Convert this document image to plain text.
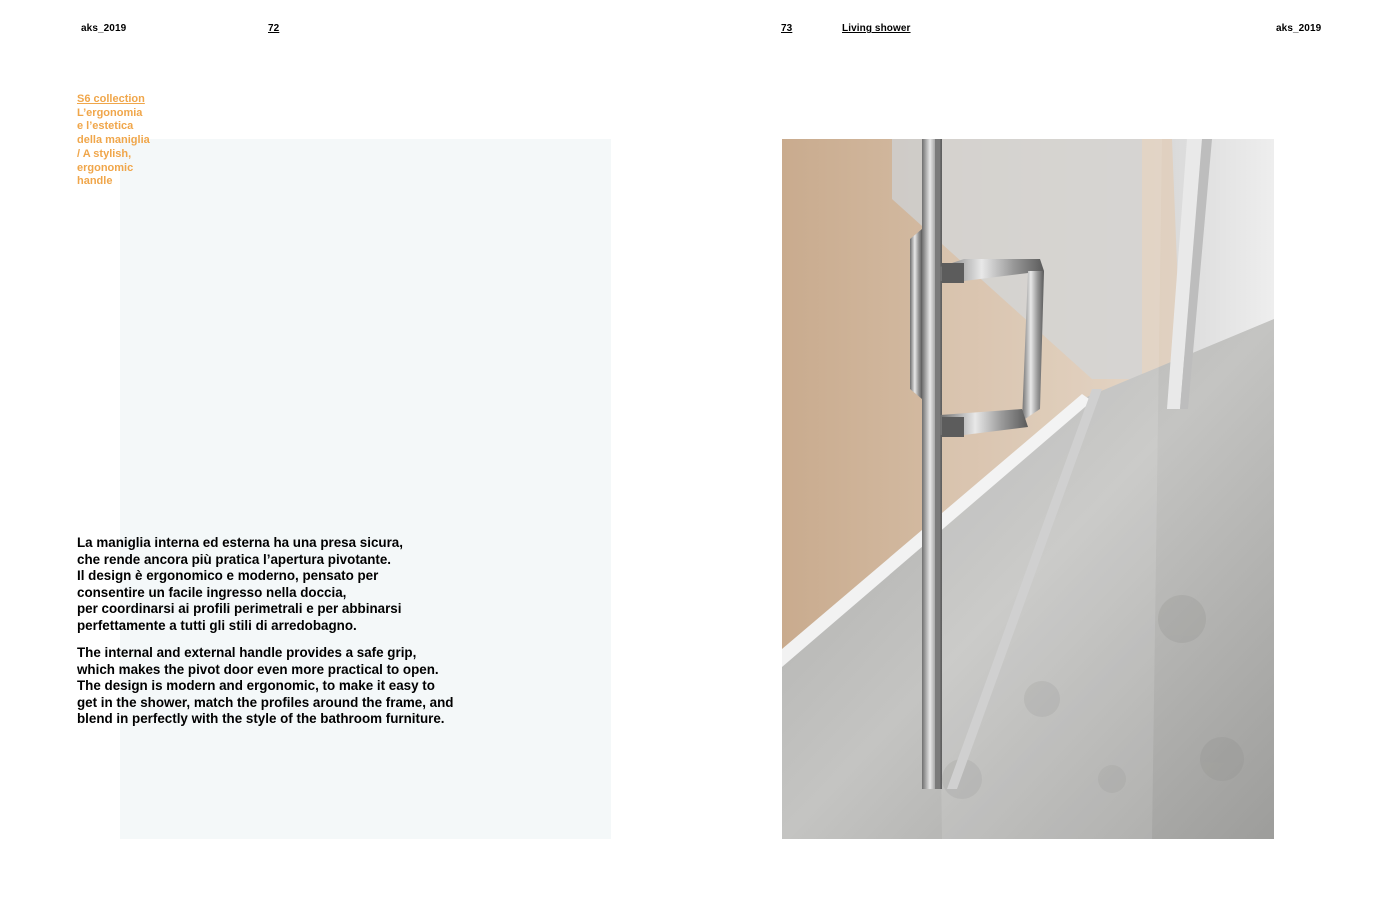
aks_2019	72	73	Living shower	aks_2019
S6 collection
L’ergonomia
e l’estetica
della maniglia
/ A stylish,
ergonomic
handle
La maniglia interna ed esterna ha una presa sicura,
che rende ancora più pratica l’apertura pivotante.
Il design è ergonomico e moderno, pensato per
consentire un facile ingresso nella doccia,
per coordinarsi ai profili perimetrali e per abbinarsi
perfettamente a tutti gli stili di arredobagno.
The internal and external handle provides a safe grip,
which makes the pivot door even more practical to open.
The design is modern and ergonomic, to make it easy to
get in the shower, match the profiles around the frame, and
blend in perfectly with the style of the bathroom furniture.
